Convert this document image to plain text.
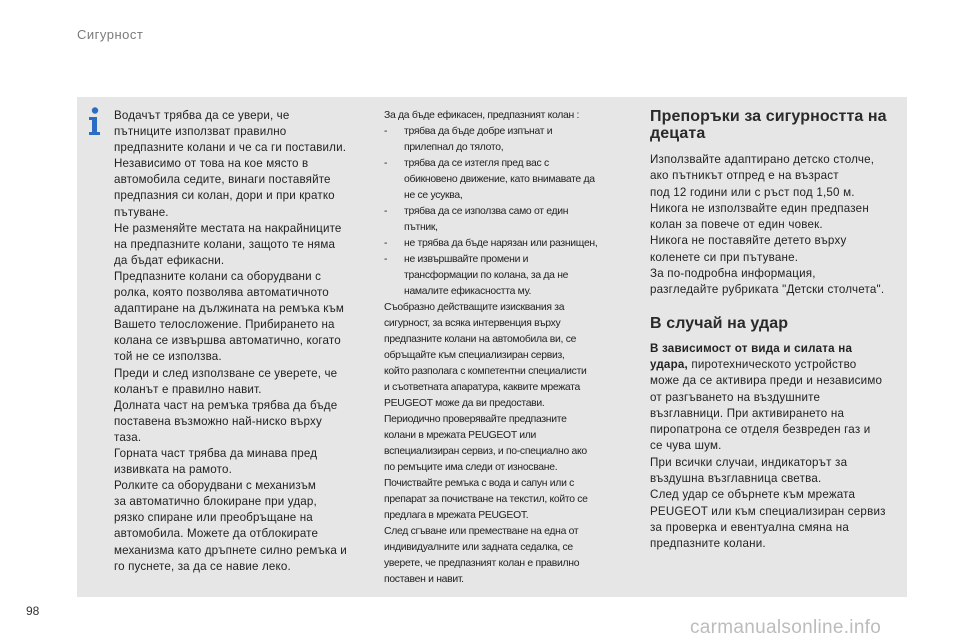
Сигурност
Водачът трябва да се увери, че
пътниците използват правилно
предпазните колани и че са ги поставили.
Независимо от това на кое място в
автомобила седите, винаги поставяйте
предпазния си колан, дори и при кратко
пътуване.
Не разменяйте местата на накрайниците
на предпазните колани, защото те няма
да бъдат ефикасни.
Предпазните колани са оборудвани с
ролка, която позволява автоматичното
адаптиране на дължината на ремъка към
Вашето телосложение. Прибирането на
колана се извършва автоматично, когато
той не се използва.
Преди и след използване се уверете, че
коланът е правилно навит.
Долната част на ремъка трябва да бъде
поставена възможно най-ниско върху
таза.
Горната част трябва да минава пред
извивката на рамото.
Ролките са оборудвани с механизъм
за автоматично блокиране при удар,
рязко спиране или преобръщане на
автомобила. Можете да отблокирате
механизма като дръпнете силно ремъка и
го пуснете, за да се навие леко.
За да бъде ефикасен, предпазният колан :
- трябва да бъде добре изпънат и
прилепнал до тялото,
- трябва да се изтегля пред вас с
обикновено движение, като внимавате да
не се усуква,
- трябва да се използва само от един
пътник,
- не трябва да бъде нарязан или разнищен,
- не извършвайте промени и
трансформации по колана, за да не
намалите ефикасността му.
Съобразно действащите изисквания за
сигурност, за всяка интервенция върху
предпазните колани на автомобила ви, се
обръщайте към специализиран сервиз,
който разполага с компетентни специалисти
и съответната апаратура, каквите мрежата
PEUGEOT може да ви предостави.
Периодично проверявайте предпазните
колани в мрежата PEUGEOT или
вспециализиран сервиз, и по-специално ако
по ремъците има следи от износване.
Почиствайте ремъка с вода и сапун или с
препарат за почистване на текстил, който се
предлага в мрежата PEUGEOT.
След сгъване или преместване на една от
индивидуалните или задната седалка, се
уверете, че предпазният колан е правилно
поставен и навит.
Препоръки за сигурността на
децата
Използвайте адаптирано детско столче,
ако пътникът отпред е на възраст
под 12 години или с ръст под 1,50 м.
Никога не използвайте един предпазен
колан за повече от един човек.
Никога не поставяйте детето върху
коленете си при пътуване.
За по-подробна информация,
разгледайте рубриката "Детски столчета".
В случай на удар
В зависимост от вида и силата на
удара, пиротехническото устройство
може да се активира преди и независимо
от разгъването на въздушните
възглавници. При активирането на
пиропатрона се отделя безвреден газ и
се чува шум.
При всички случаи, индикаторът за
въздушна възглавница светва.
След удар се обърнете към мрежата
PEUGEOT или към специализиран сервиз
за проверка и евентуална смяна на
предпазните колани.
98
carmanualsonline.info
